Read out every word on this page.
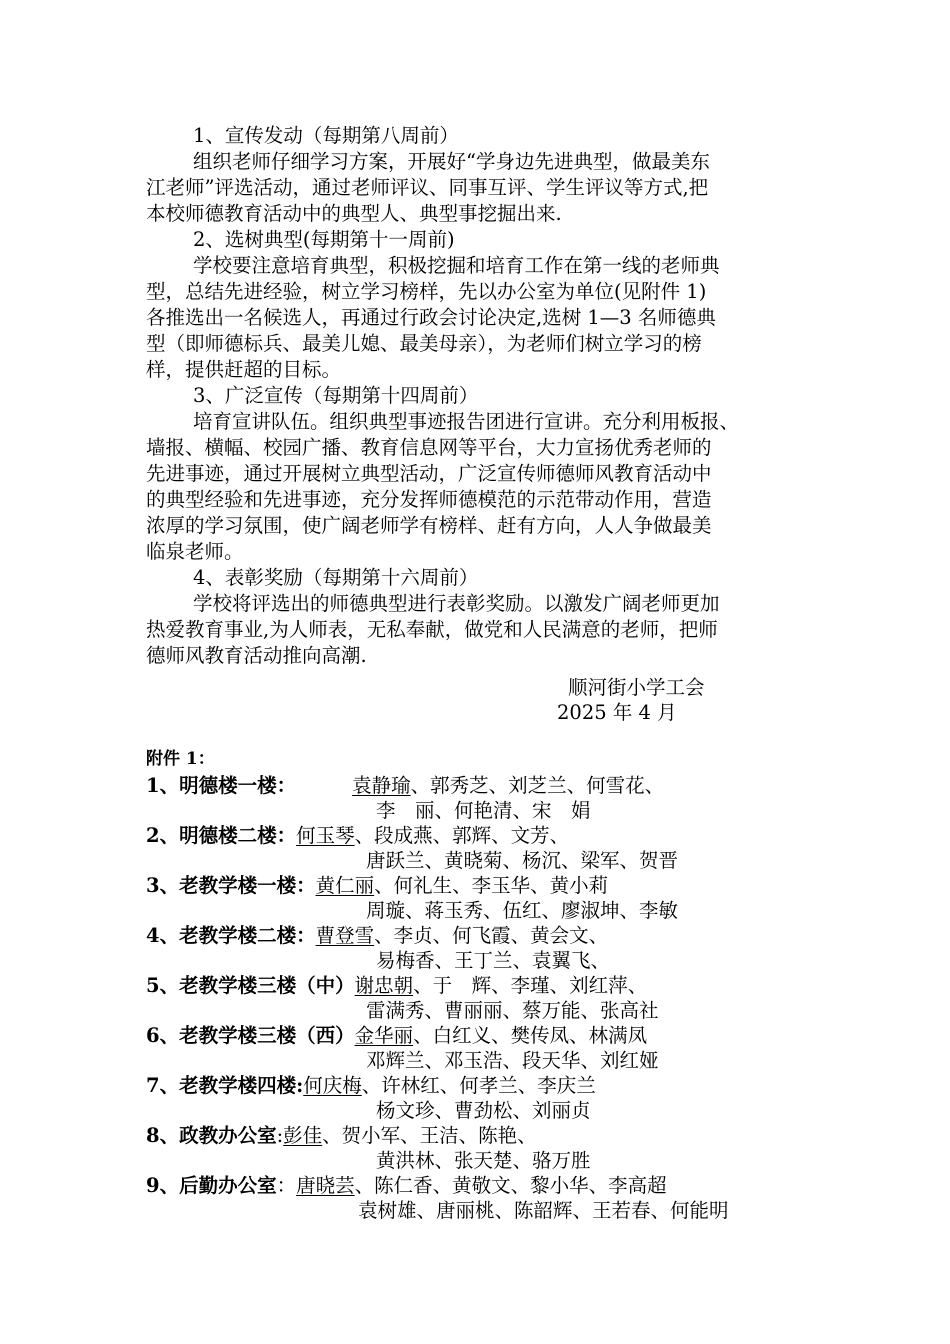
1、宣传发动（每期第八周前）
组织老师仔细学习方案，开展好“学身边先进典型，做最美东
江老师”评选活动，通过老师评议、同事互评、学生评议等方式,把
本校师德教育活动中的典型人、典型事挖掘出来.
2、选树典型(每期第十一周前)
学校要注意培育典型，积极挖掘和培育工作在第一线的老师典
型，总结先进经验，树立学习榜样，先以办公室为单位(见附件 1)
各推选出一名候选人，再通过行政会讨论决定,选树 1—3 名师德典
型（即师德标兵、最美儿媳、最美母亲），为老师们树立学习的榜
样，提供赶超的目标。
3、广泛宣传（每期第十四周前）
培育宣讲队伍。组织典型事迹报告团进行宣讲。充分利用板报、
墙报、横幅、校园广播、教育信息网等平台，大力宣扬优秀老师的
先进事迹，通过开展树立典型活动，广泛宣传师德师风教育活动中
的典型经验和先进事迹，充分发挥师德模范的示范带动作用，营造
浓厚的学习氛围，使广阔老师学有榜样、赶有方向，人人争做最美
临泉老师。
4、表彰奖励（每期第十六周前）
学校将评选出的师德典型进行表彰奖励。以激发广阔老师更加
热爱教育事业,为人师表，无私奉献，做党和人民满意的老师，把师
德师风教育活动推向高潮.
顺河街小学工会
2025 年 4 月
附件 1：
1、明德楼一楼：	袁静瑜、郭秀芝、刘芝兰、何雪花、
李　丽、何艳清、宋　娟
2、明德楼二楼：何玉琴、段成燕、郭辉、文芳、
唐跃兰、黄晓菊、杨沉、梁军、贺晋
3、老教学楼一楼：黄仁丽、何礼生、李玉华、黄小莉
周璇、蒋玉秀、伍红、廖淑坤、李敏
4、老教学楼二楼：曹登雪、李贞、何飞霞、黄会文、
易梅香、王丁兰、袁翼飞、
5、老教学楼三楼（中）谢忠朝、于　辉、李瑾、刘红萍、
雷满秀、曹丽丽、蔡万能、张高社
6、老教学楼三楼（西）金华丽、白红义、樊传凤、林满凤
邓辉兰、邓玉浩、段天华、刘红娅
7、老教学楼四楼:何庆梅、许林红、何孝兰、李庆兰
杨文珍、曹劲松、刘丽贞
8、政教办公室:彭佳、贺小军、王洁、陈艳、
黄洪林、张天楚、骆万胜
9、后勤办公室：唐晓芸、陈仁香、黄敬文、黎小华、李高超
袁树雄、唐丽桃、陈韶辉、王若春、何能明
